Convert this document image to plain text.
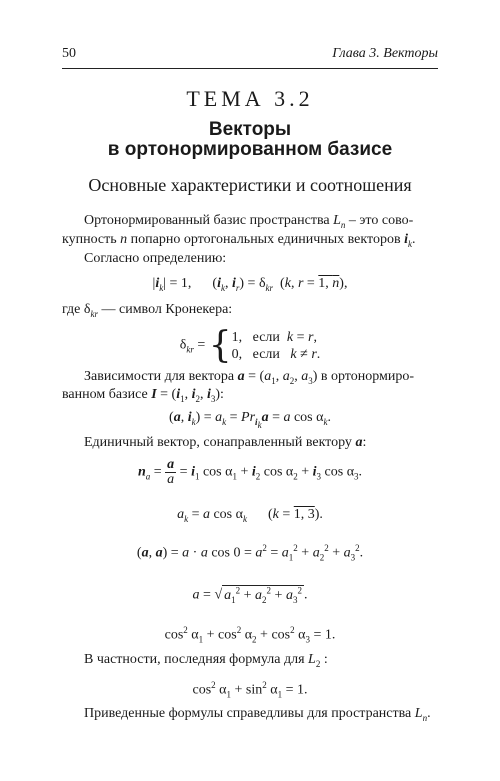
50	Глава 3. Векторы
ТЕМА 3.2
Векторы
в ортонормированном базисе
Основные характеристики и соотношения
Ортонормированный базис пространства $L_n$ – это сово-
купность n попарно ортогональных единичных векторов $i_k$.
Согласно определению:
$|i_k| = 1$,      ($i_k$, $i_r) = \delta_{kr}$  (k, r = 1, n),
где $\delta_{kr}$ — символ Кронекера:
$\delta_{kr} = \{1$,   если k = r,
0,   если k ≠ r.
Зависимости для вектора $a = (a_1$, $a_2$, $a_3$) в ортонормиро-
ванном базисе $I = (i_1$, $i_2$, $i_3$):
(a, $i_k) = a_k = Pr_{i_k}a = a$ $\cos \alpha_k$.
Единичный вектор, сонаправленный вектору a:
$n_a = \frac{a}{a} = i_1$ $\cos \alpha_1 + i_2$ $\cos \alpha_2 + i_3$ $\cos \alpha_3$.
$a_k = a$ $\cos \alpha_k$      (k = 1, 3).
(a, a) = a · a $\cos 0 = a^2 = a_1^2 + a_2^2 + a_3^2$.
a = √ $a_1^2 + a_2^2 + a_3^2$ .
$\cos^2 \alpha_1 + \cos^2 \alpha_2 + \cos^2 \alpha_3 = 1$.
В частности, последняя формула для $L_2$ :
$\cos^2 \alpha_1 + \sin^2 \alpha_1 = 1$.
Приведенные формулы справедливы для пространства $L_n$.
